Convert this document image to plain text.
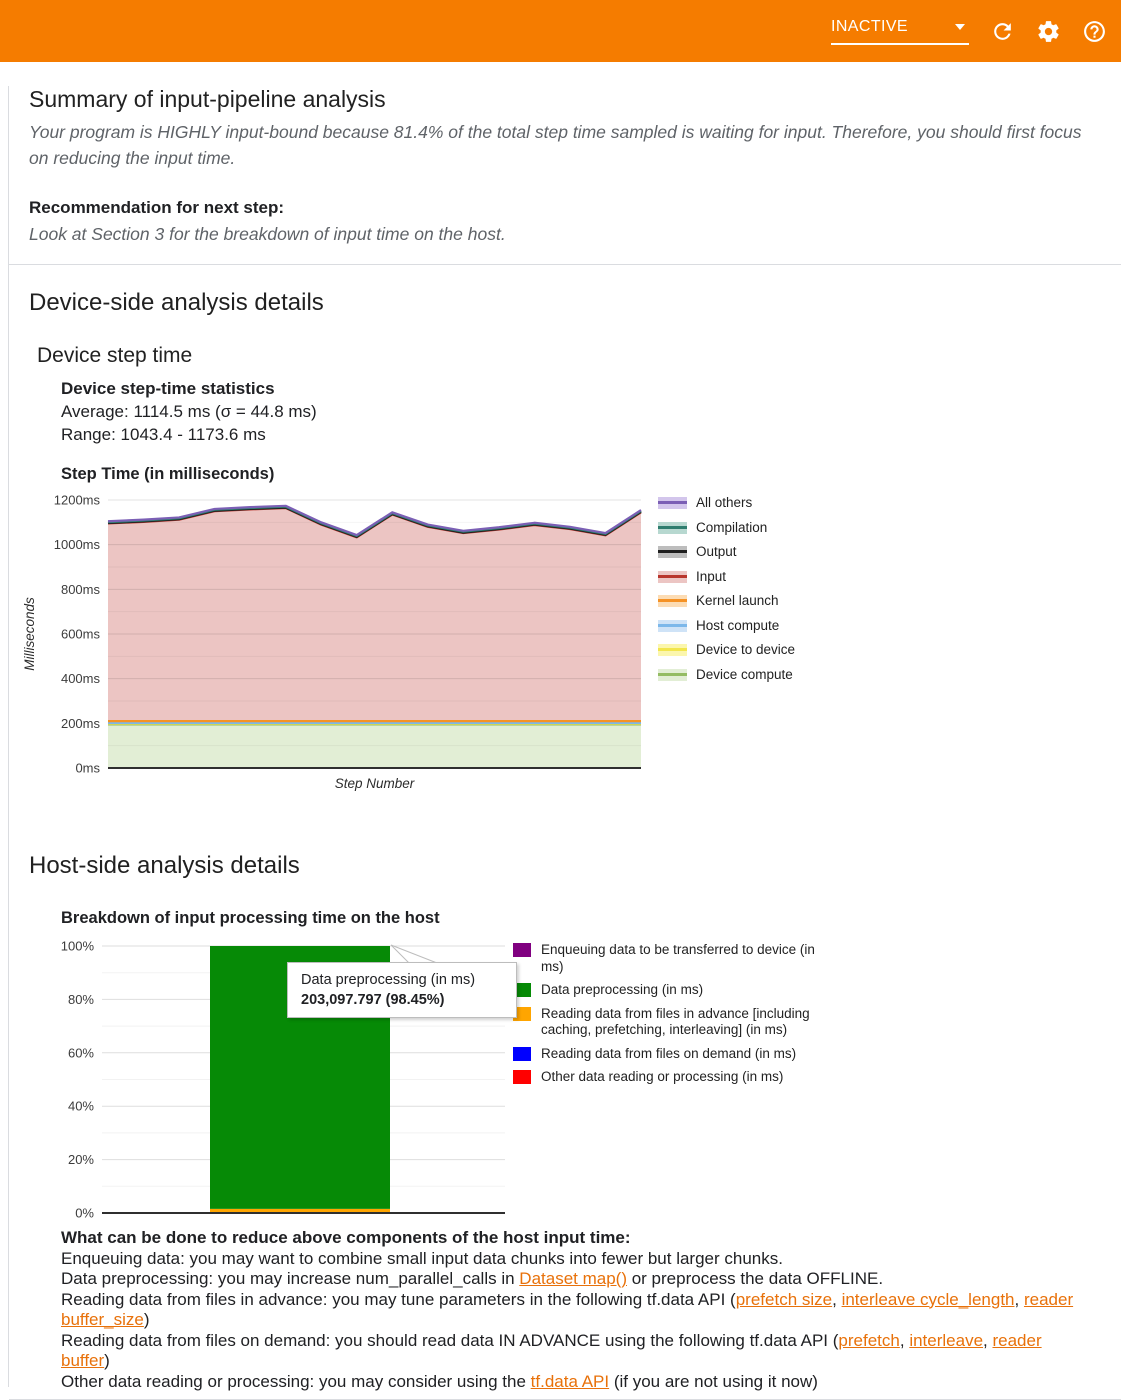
INACTIVE
Summary of input-pipeline analysis

Your program is HIGHLY input-bound because 81.4% of the total step time sampled is waiting for input. Therefore, you should first focus on reducing the input time.

Recommendation for next step:

Look at Section 3 for the breakdown of input time on the host.

Device-side analysis details
Device step time
Device step-time statistics
Average: 1114.5 ms (σ = 44.8 ms)
Range: 1043.4 - 1173.6 ms
Step Time (in milliseconds)
0ms
200ms
400ms
600ms
800ms
1000ms
1200ms
Milliseconds
Step Number
All others
Compilation
Output
Input
Kernel launch
Host compute
Device to device
Device compute
Host-side analysis details
Breakdown of input processing time on the host
0%
20%
40%
60%
80%
100%	Enqueuing data to be transferred to device (in ms)
Data preprocessing (in ms)
Reading data from files in advance [including caching, prefetching, interleaving] (in ms)
Reading data from files on demand (in ms)
Other data reading or processing (in ms)
Data preprocessing (in ms)
203,097.797 (98.45%)
What can be done to reduce above components of the host input time:
Enqueuing data: you may want to combine small input data chunks into fewer but larger chunks.
Data preprocessing: you may increase num_parallel_calls in Dataset map() or preprocess the data OFFLINE.
Reading data from files in advance: you may tune parameters in the following tf.data API (prefetch size, interleave cycle_length, reader buffer_size)
Reading data from files on demand: you should read data IN ADVANCE using the following tf.data API (prefetch, interleave, reader buffer)
Other data reading or processing: you may consider using the tf.data API (if you are not using it now)
